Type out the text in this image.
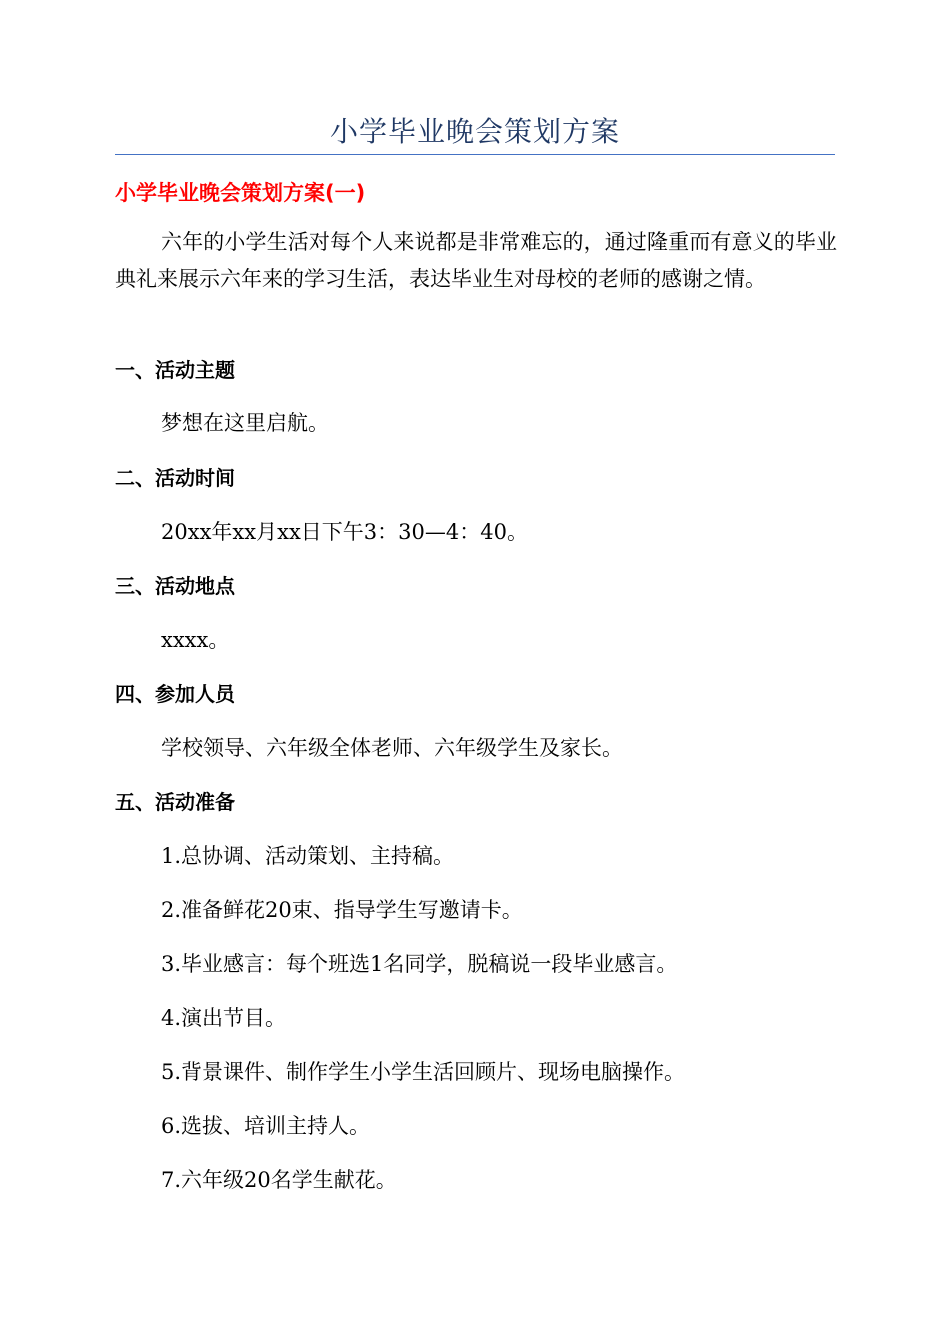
小学毕业晚会策划方案
小学毕业晚会策划方案(一)

六年的小学生活对每个人来说都是非常难忘的，通过隆重而有意义的毕业典礼来展示六年来的学习生活，表达毕业生对母校的老师的感谢之情。

一、活动主题
梦想在这里启航。
二、活动时间
20xx年xx月xx日下午3：30—4：40。
三、活动地点
xxxx。
四、参加人员
学校领导、六年级全体老师、六年级学生及家长。
五、活动准备
1.总协调、活动策划、主持稿。
2.准备鲜花20束、指导学生写邀请卡。
3.毕业感言：每个班选1名同学，脱稿说一段毕业感言。
4.演出节目。
5.背景课件、制作学生小学生活回顾片、现场电脑操作。
6.选拔、培训主持人。
7.六年级20名学生献花。
